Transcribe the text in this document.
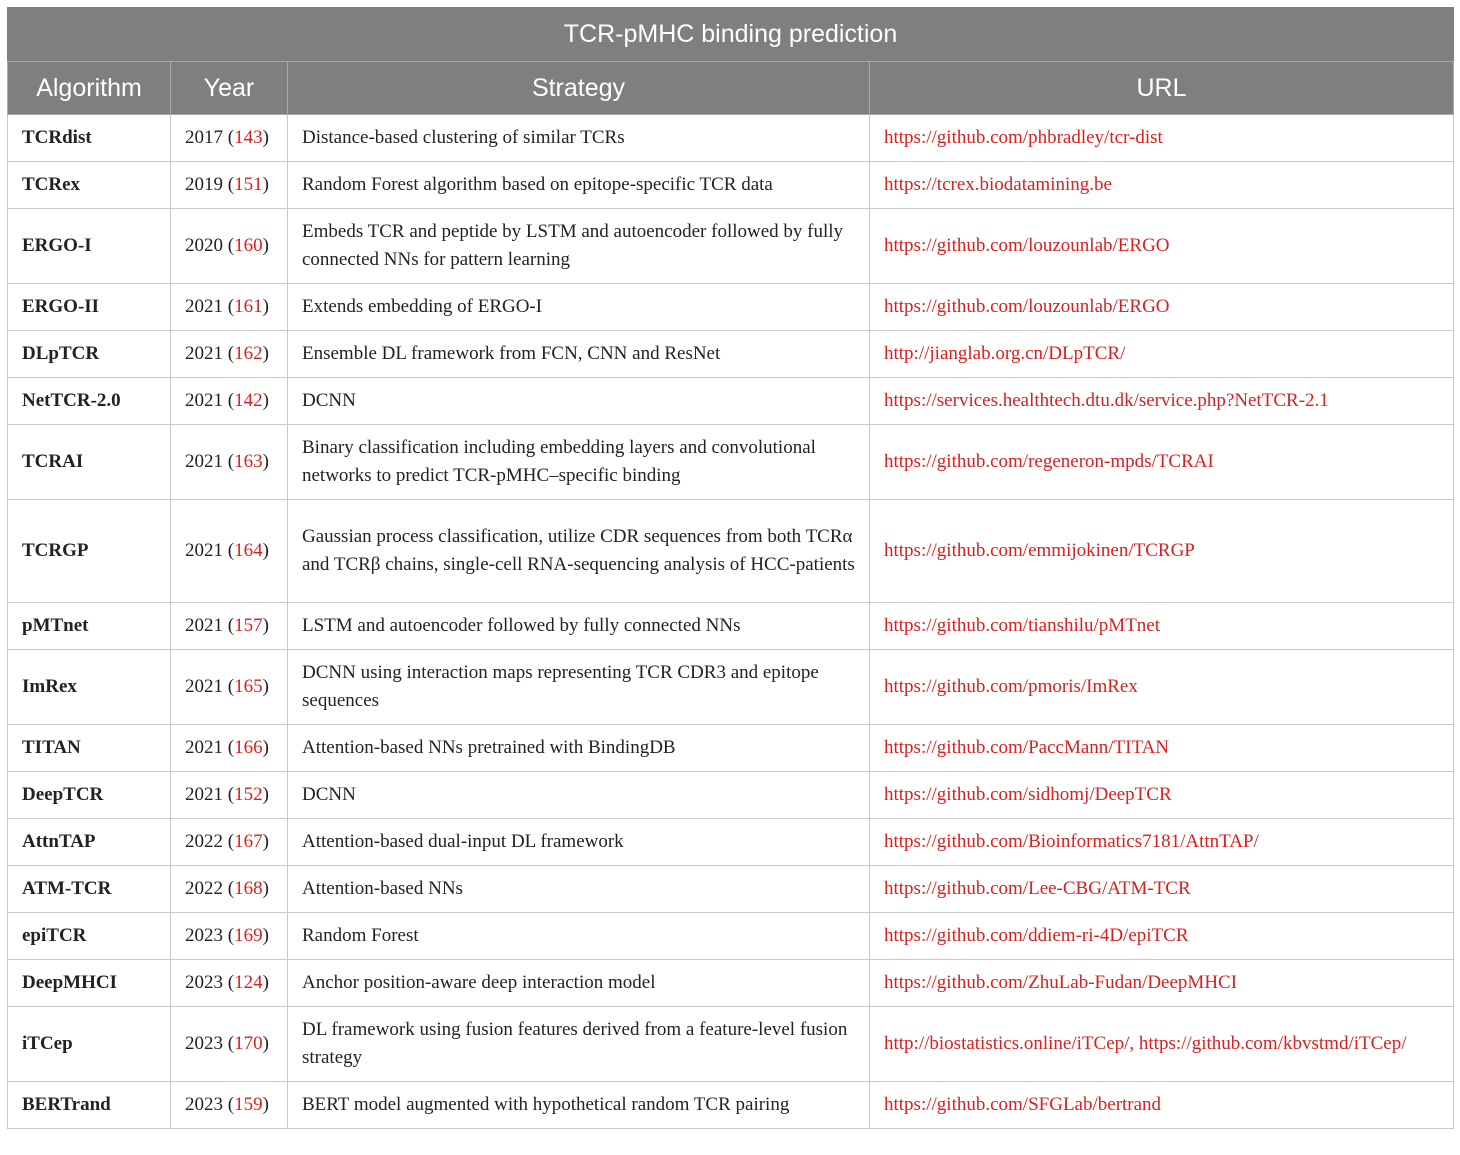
TCR-pMHC binding prediction			
Algorithm	Year	Strategy	URL
TCRdist	2017 (143)	Distance-based clustering of similar TCRs	https://github.com/phbradley/tcr-dist
TCRex	2019 (151)	Random Forest algorithm based on epitope-specific TCR data	https://tcrex.biodatamining.be
ERGO-I	2020 (160)	Embeds TCR and peptide by LSTM and autoencoder followed by fully connected NNs for pattern learning	https://github.com/louzounlab/ERGO
ERGO-II	2021 (161)	Extends embedding of ERGO-I	https://github.com/louzounlab/ERGO
DLpTCR	2021 (162)	Ensemble DL framework from FCN, CNN and ResNet	http://jianglab.org.cn/DLpTCR/
NetTCR-2.0	2021 (142)	DCNN	https://services.healthtech.dtu.dk/service.php?NetTCR-2.1
TCRAI	2021 (163)	Binary classification including embedding layers and convolutional networks to predict TCR-pMHC–specific binding	https://github.com/regeneron-mpds/TCRAI
TCRGP	2021 (164)	Gaussian process classification, utilize CDR sequences from both TCRα and TCRβ chains, single-cell RNA-sequencing analysis of HCC-patients	https://github.com/emmijokinen/TCRGP
pMTnet	2021 (157)	LSTM and autoencoder followed by fully connected NNs	https://github.com/tianshilu/pMTnet
ImRex	2021 (165)	DCNN using interaction maps representing TCR CDR3 and epitope sequences	https://github.com/pmoris/ImRex
TITAN	2021 (166)	Attention-based NNs pretrained with BindingDB	https://github.com/PaccMann/TITAN
DeepTCR	2021 (152)	DCNN	https://github.com/sidhomj/DeepTCR
AttnTAP	2022 (167)	Attention-based dual-input DL framework	https://github.com/Bioinformatics7181/AttnTAP/
ATM-TCR	2022 (168)	Attention-based NNs	https://github.com/Lee-CBG/ATM-TCR
epiTCR	2023 (169)	Random Forest	https://github.com/ddiem-ri-4D/epiTCR
DeepMHCI	2023 (124)	Anchor position-aware deep interaction model	https://github.com/ZhuLab-Fudan/DeepMHCI
iTCep	2023 (170)	DL framework using fusion features derived from a feature-level fusion strategy	http://biostatistics.online/iTCep/, https://github.com/kbvstmd/iTCep/
BERTrand	2023 (159)	BERT model augmented with hypothetical random TCR pairing	https://github.com/SFGLab/bertrand
